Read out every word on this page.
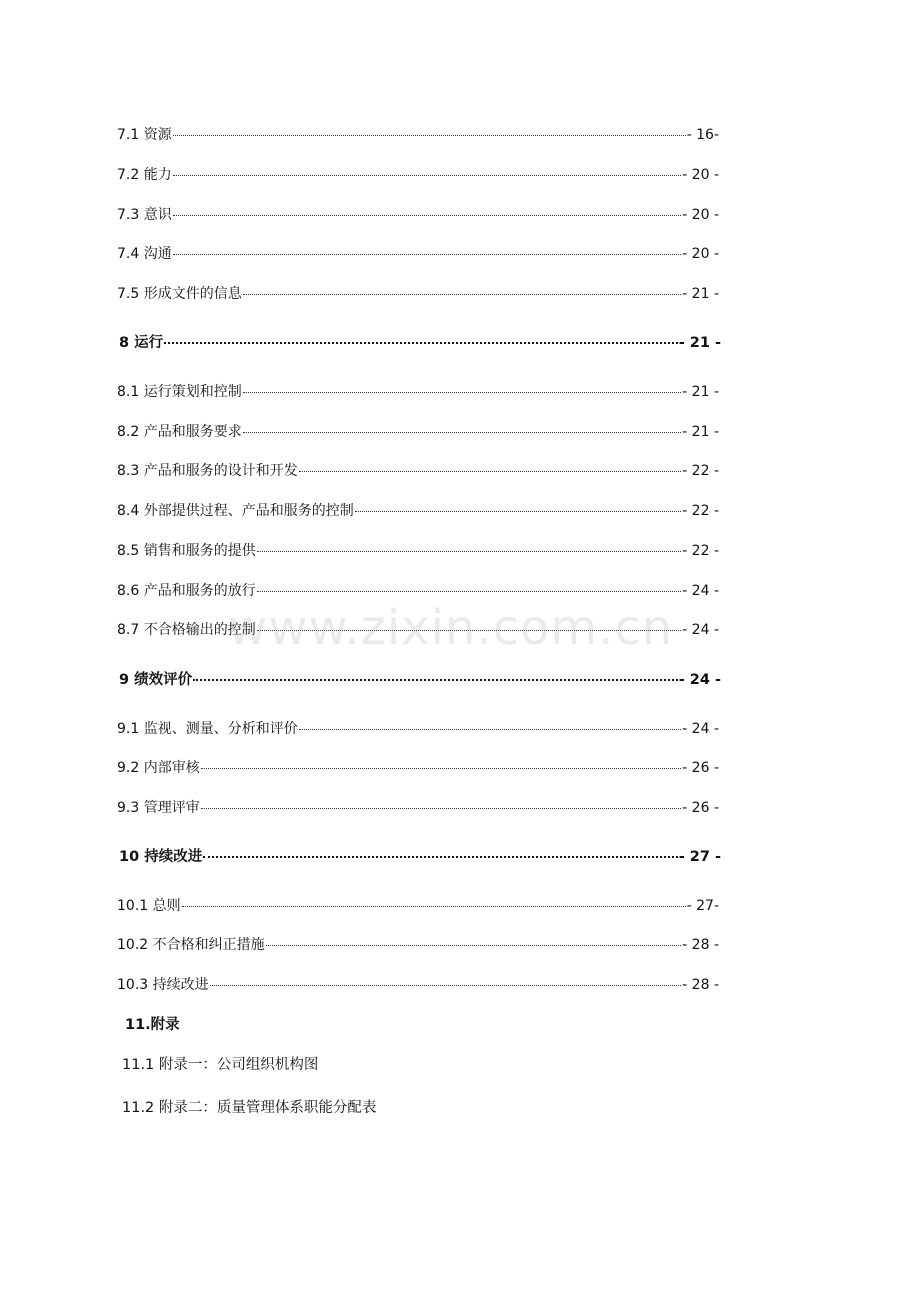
7.1 资源	- 16-
7.2 能力	- 20 -
7.3 意识	- 20 -
7.4 沟通	- 20 -
7.5 形成文件的信息	- 21 -
8 运行	- 21 -
8.1 运行策划和控制	- 21 -
8.2 产品和服务要求	- 21 -
8.3 产品和服务的设计和开发	- 22 -
8.4 外部提供过程、产品和服务的控制	- 22 -
8.5 销售和服务的提供	- 22 -
8.6 产品和服务的放行	- 24 -
8.7 不合格输出的控制	- 24 -
9 绩效评价	- 24 -
9.1 监视、测量、分析和评价	- 24 -
9.2 内部审核	- 26 -
9.3 管理评审	- 26 -
10 持续改进	- 27 -
10.1 总则	- 27-
10.2 不合格和纠正措施	- 28 -
10.3 持续改进	- 28 -
11.附录
11.1 附录一：公司组织机构图
11.2 附录二：质量管理体系职能分配表
www.zixin.com.cn
